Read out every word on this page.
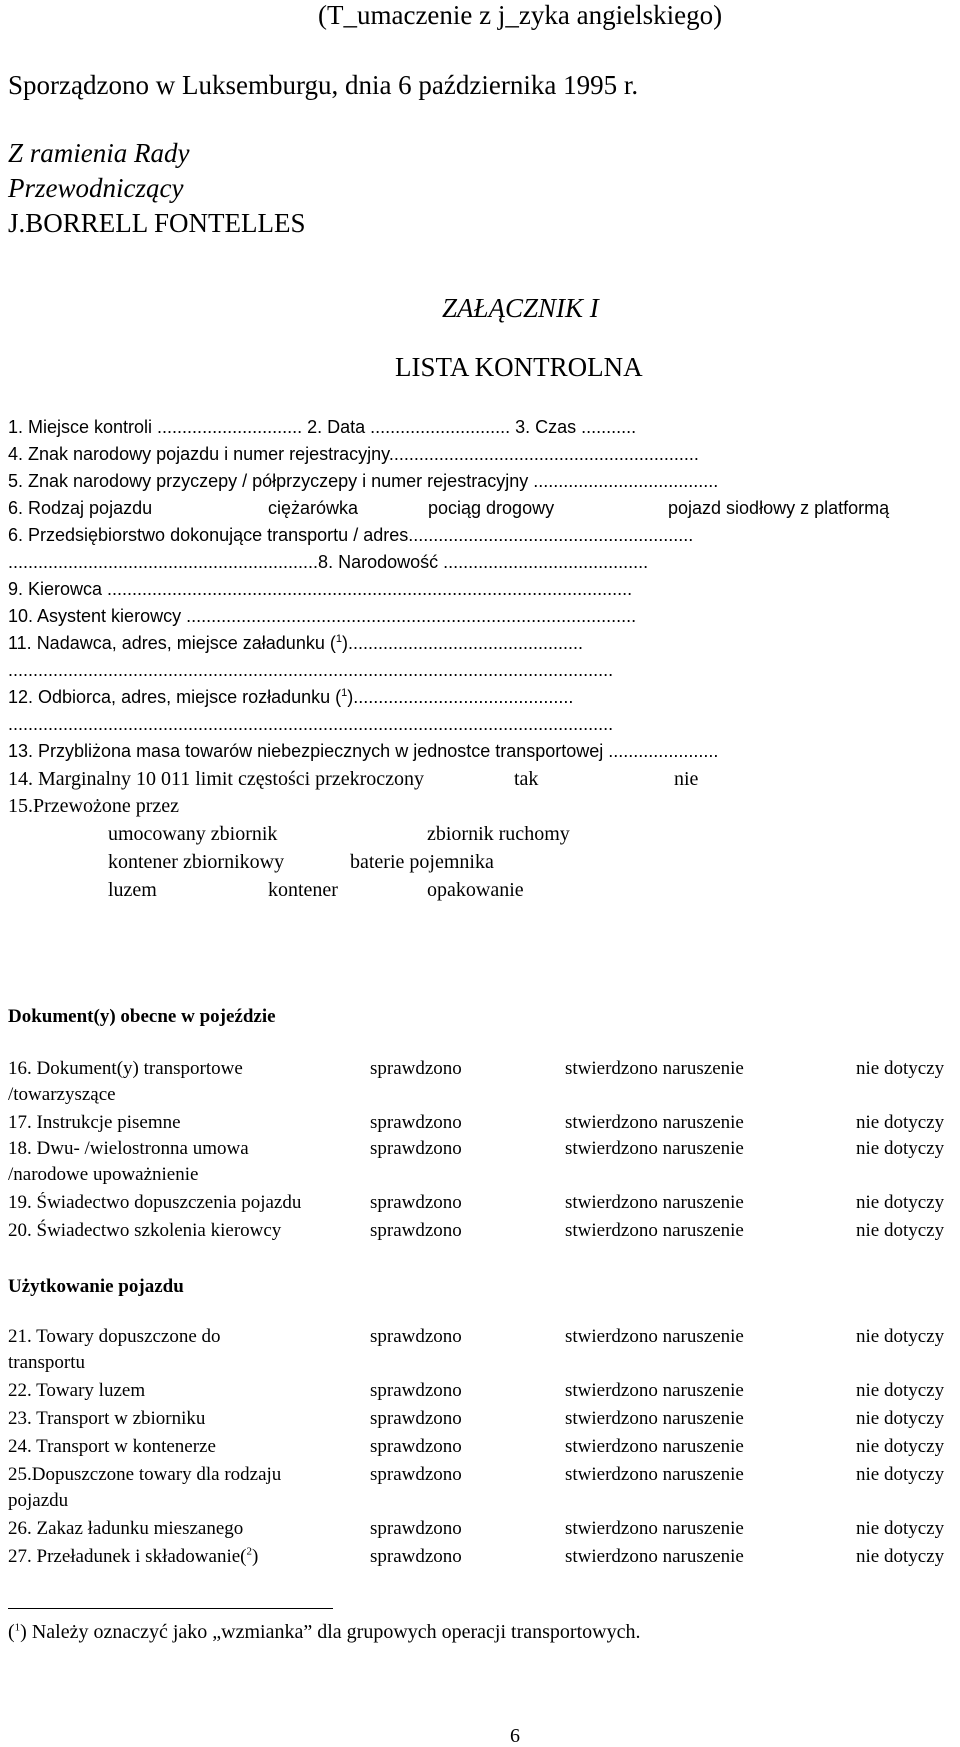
(T_umaczenie z j_zyka angielskiego)
Sporządzono w Luksemburgu, dnia 6 października 1995 r.
Z ramienia Rady
Przewodniczący
J.BORRELL FONTELLES
ZAŁĄCZNIK I
LISTA KONTROLNA
1. Miejsce kontroli ............................. 2. Data ............................ 3. Czas ...........
4. Znak narodowy pojazdu i numer rejestracyjny..............................................................
5. Znak narodowy przyczepy / półprzyczepy i numer rejestracyjny .....................................
6. Rodzaj pojazdu	ciężarówka	pociąg drogowy	pojazd siodłowy z platformą
6. Przedsiębiorstwo dokonujące transportu / adres.........................................................
..............................................................8. Narodowość .........................................
9. Kierowca .........................................................................................................
10. Asystent kierowcy ..........................................................................................
11. Nadawca, adres, miejsce załadunku ($^1$)...............................................
.........................................................................................................................
12. Odbiorca, adres, miejsce rozładunku ($^1$)............................................
.........................................................................................................................
13. Przybliżona masa towarów niebezpiecznych w jednostce transportowej ......................
14. Marginalny 10 011 limit częstości przekroczony	tak	nie
15.Przewożone przez
umocowany zbiornik	zbiornik ruchomy
kontener zbiornikowy	baterie pojemnika
luzem	kontener	opakowanie
Dokument(y) obecne w pojeździe
16. Dokument(y) transportowe	sprawdzono	stwierdzono naruszenie	nie dotyczy
/towarzyszące
17. Instrukcje pisemne	sprawdzono	stwierdzono naruszenie	nie dotyczy
18. Dwu- /wielostronna umowa	sprawdzono	stwierdzono naruszenie	nie dotyczy
/narodowe upoważnienie
19. Świadectwo dopuszczenia pojazdu	sprawdzono	stwierdzono naruszenie	nie dotyczy
20. Świadectwo szkolenia kierowcy	sprawdzono	stwierdzono naruszenie	nie dotyczy
Użytkowanie pojazdu
21. Towary dopuszczone do	sprawdzono	stwierdzono naruszenie	nie dotyczy
transportu
22. Towary luzem	sprawdzono	stwierdzono naruszenie	nie dotyczy
23. Transport w zbiorniku	sprawdzono	stwierdzono naruszenie	nie dotyczy
24. Transport w kontenerze	sprawdzono	stwierdzono naruszenie	nie dotyczy
25.Dopuszczone towary dla rodzaju	sprawdzono	stwierdzono naruszenie	nie dotyczy
pojazdu
26. Zakaz ładunku mieszanego	sprawdzono	stwierdzono naruszenie	nie dotyczy
27. Przeładunek i składowanie($^2$)	sprawdzono	stwierdzono naruszenie	nie dotyczy
($^1$) Należy oznaczyć jako „wzmianka” dla grupowych operacji transportowych.
6
